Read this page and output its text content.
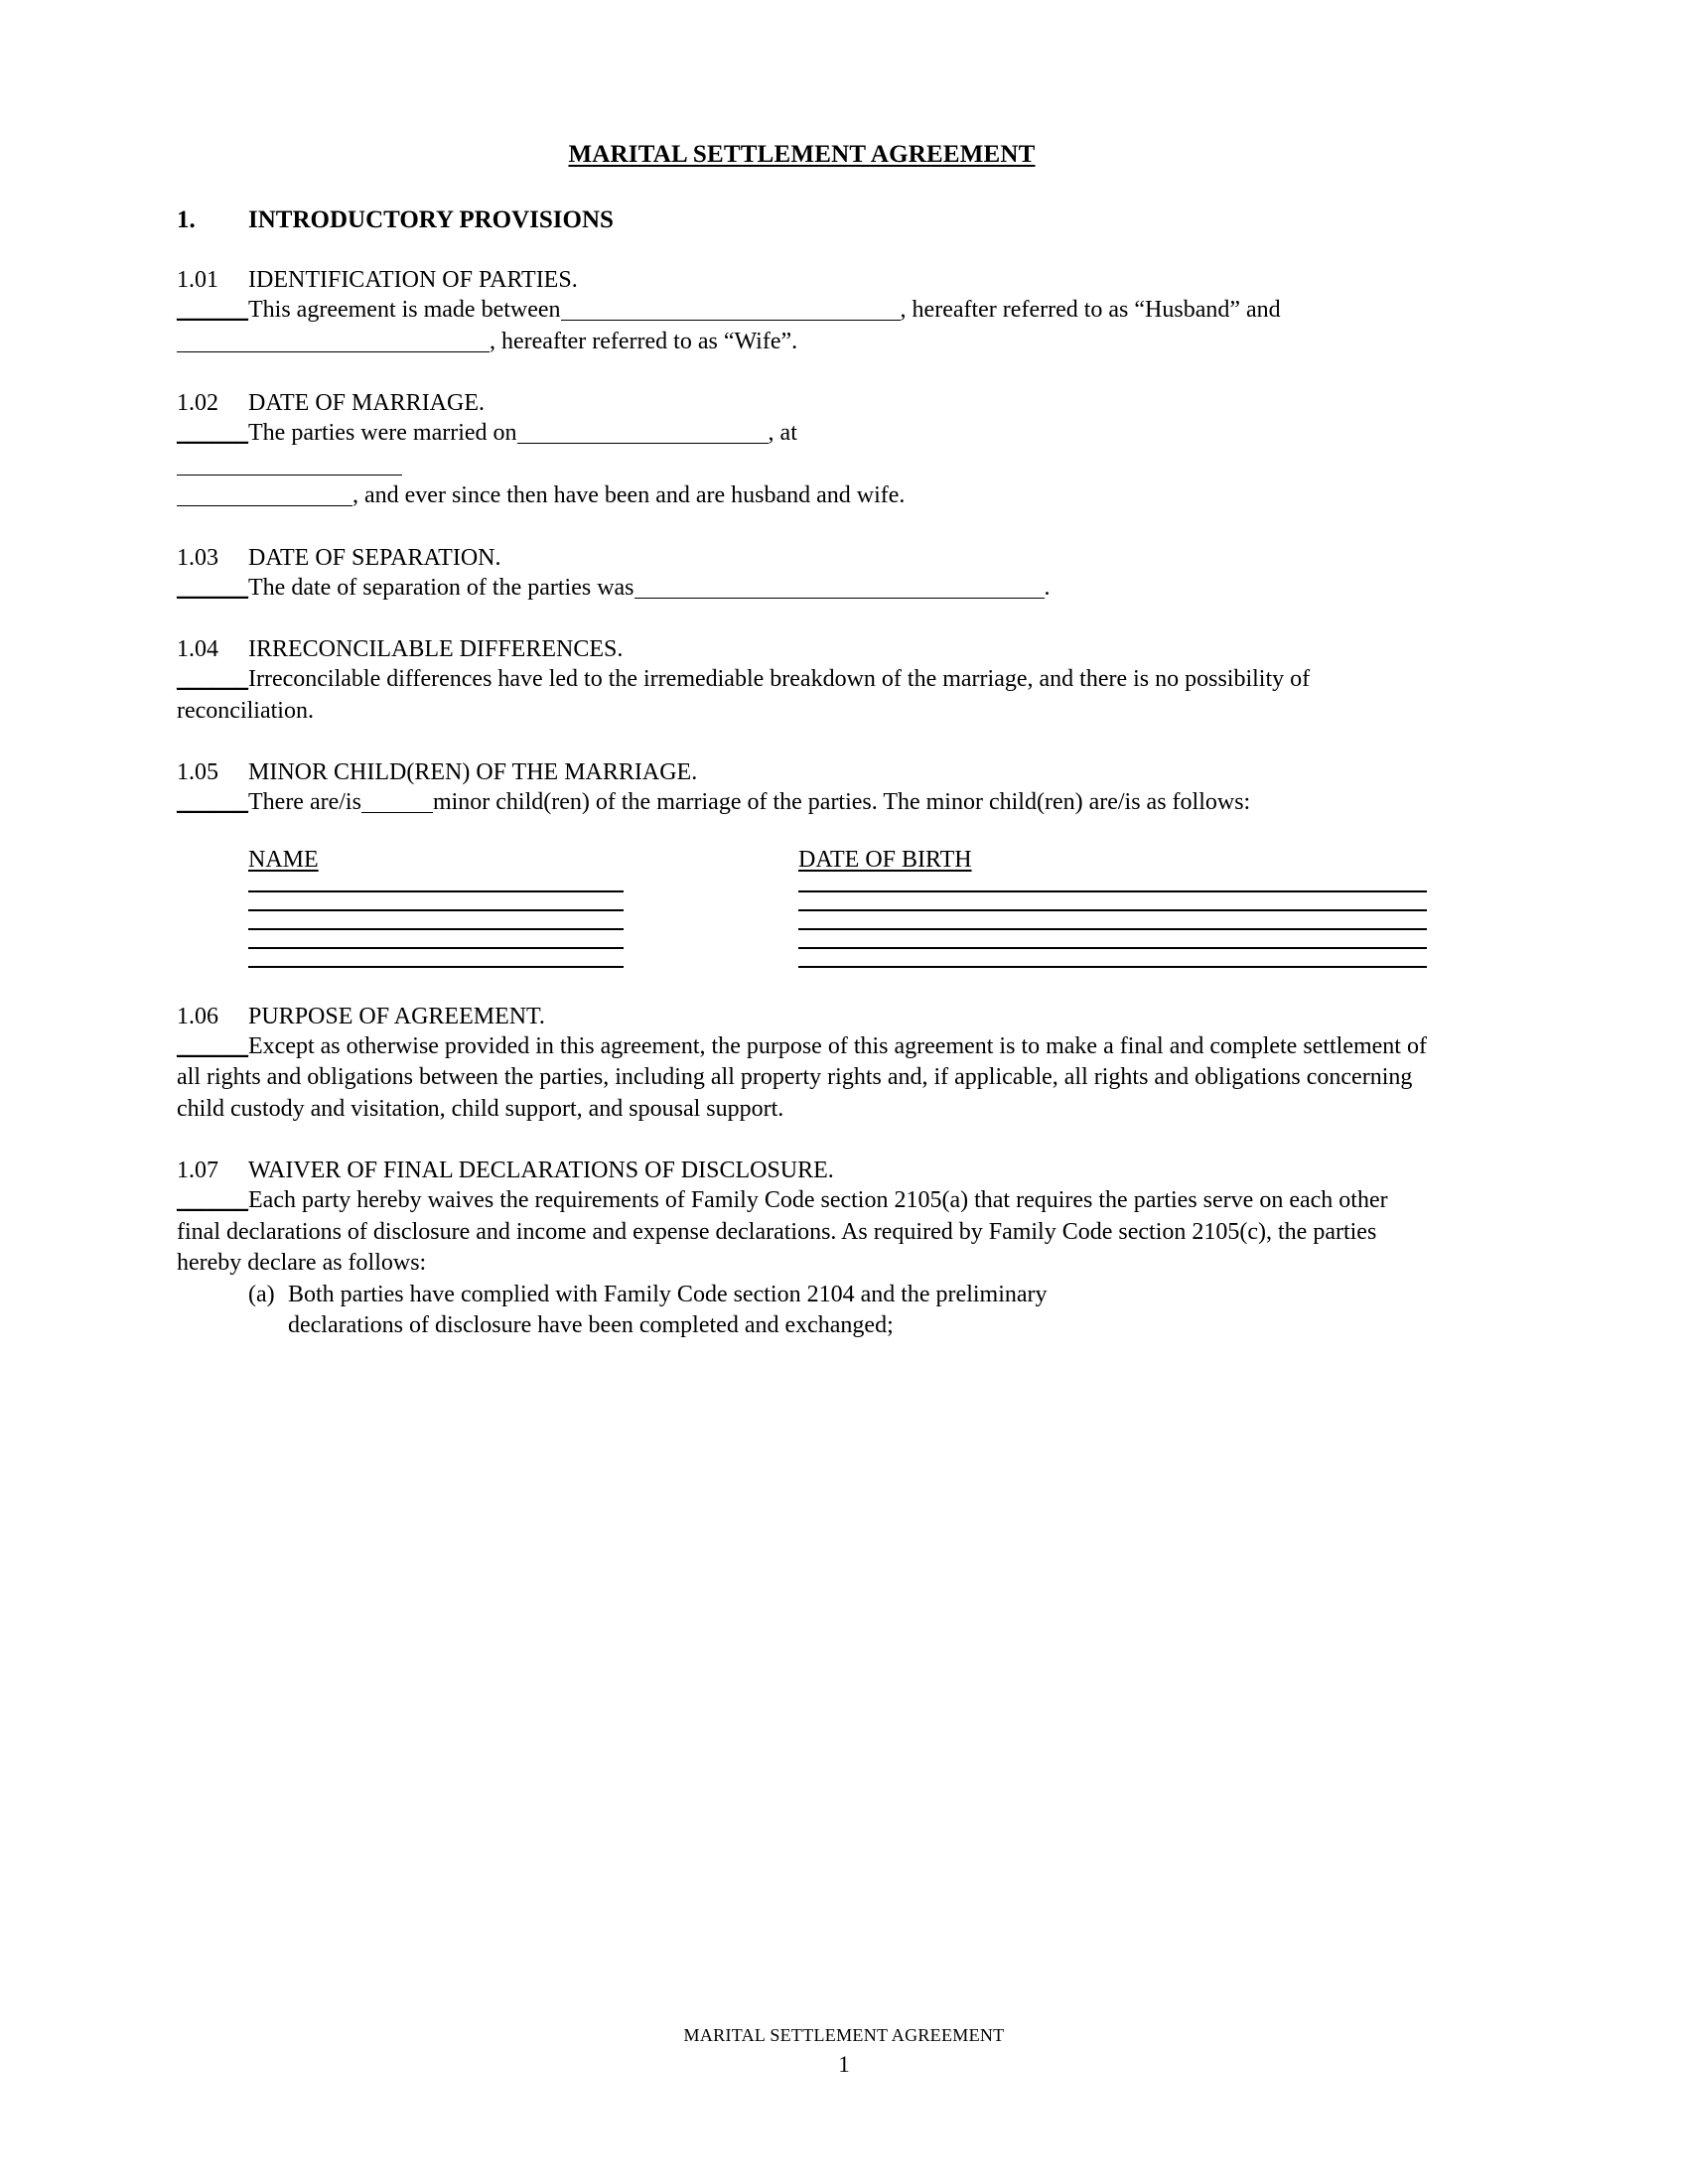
MARITAL SETTLEMENT AGREEMENT
1.	INTRODUCTORY PROVISIONS
1.01	IDENTIFICATION OF PARTIES.
______ This agreement is made between	, hereafter referred to as “Husband” and, hereafter referred to as “Wife”.
1.02	DATE OF MARRIAGE.
______ The parties were married on	, at

, and ever since then have been and are husband and wife.
1.03	DATE OF SEPARATION.
______ The date of separation of the parties was	.
1.04	IRRECONCILABLE DIFFERENCES.
______ Irreconcilable differences have led to the irremediable breakdown of the marriage, and there is no possibility of reconciliation.
1.05	MINOR CHILD(REN) OF THE MARRIAGE.
______ There are/is	minor child(ren) of the marriage of the parties. The minor child(ren) are/is as follows:
NAME	DATE OF BIRTH
1.06	PURPOSE OF AGREEMENT.
______ Except as otherwise provided in this agreement, the purpose of this agreement is to make a final and complete settlement of all rights and obligations between the parties, including all property rights and, if applicable, all rights and obligations concerning child custody and visitation, child support, and spousal support.
1.07	WAIVER OF FINAL DECLARATIONS OF DISCLOSURE.
______ Each party hereby waives the requirements of Family Code section 2105(a) that requires the parties serve on each other final declarations of disclosure and income and expense declarations. As required by Family Code section 2105(c), the parties hereby declare as follows:
(a) Both parties have complied with Family Code section 2104 and the preliminary declarations of disclosure have been completed and exchanged;
MARITAL SETTLEMENT AGREEMENT
1
